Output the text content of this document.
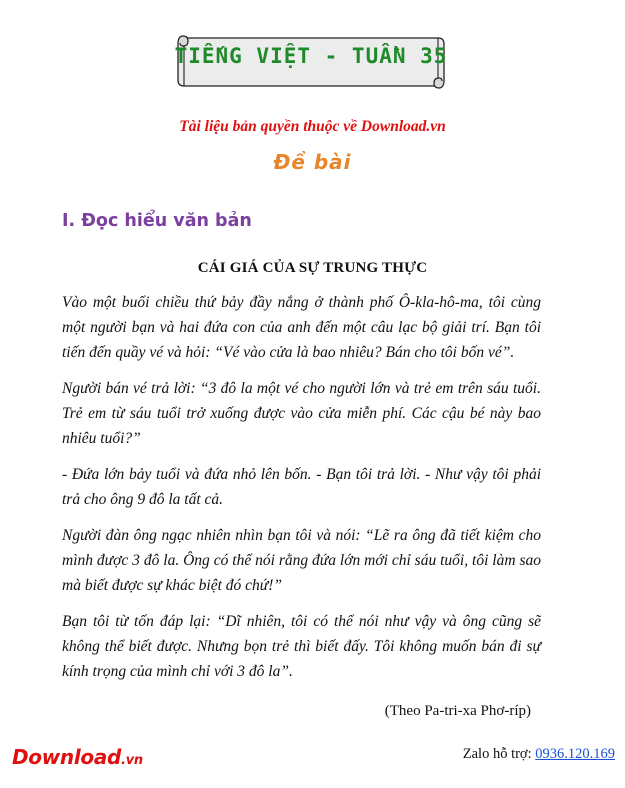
TIẾNG VIỆT - TUẦN 35
Tài liệu bản quyền thuộc về Download.vn
Đề bài
I. Đọc hiểu văn bản
CÁI GIÁ CỦA SỰ TRUNG THỰC

Vào một buổi chiều thứ bảy đầy nắng ở thành phố Ô-kla-hô-ma, tôi cùng một người bạn và hai đứa con của anh đến một câu lạc bộ giải trí. Bạn tôi tiến đến quầy vé và hỏi: “Vé vào cửa là bao nhiêu? Bán cho tôi bốn vé”.

Người bán vé trả lời: “3 đô la một vé cho người lớn và trẻ em trên sáu tuổi. Trẻ em từ sáu tuổi trở xuống được vào cửa miễn phí. Các cậu bé này bao nhiêu tuổi?”

- Đứa lớn bảy tuổi và đứa nhỏ lên bốn. - Bạn tôi trả lời. - Như vậy tôi phải trả cho ông 9 đô la tất cả.

Người đàn ông ngạc nhiên nhìn bạn tôi và nói: “Lẽ ra ông đã tiết kiệm cho mình được 3 đô la. Ông có thể nói rằng đứa lớn mới chỉ sáu tuổi, tôi làm sao mà biết được sự khác biệt đó chứ!”

Bạn tôi từ tốn đáp lại: “Dĩ nhiên, tôi có thể nói như vậy và ông cũng sẽ không thể biết được. Nhưng bọn trẻ thì biết đấy. Tôi không muốn bán đi sự kính trọng của mình chỉ với 3 đô la”.

(Theo Pa-tri-xa Phơ-ríp)
Download.vn	Zalo hỗ trợ: 0936.120.169
